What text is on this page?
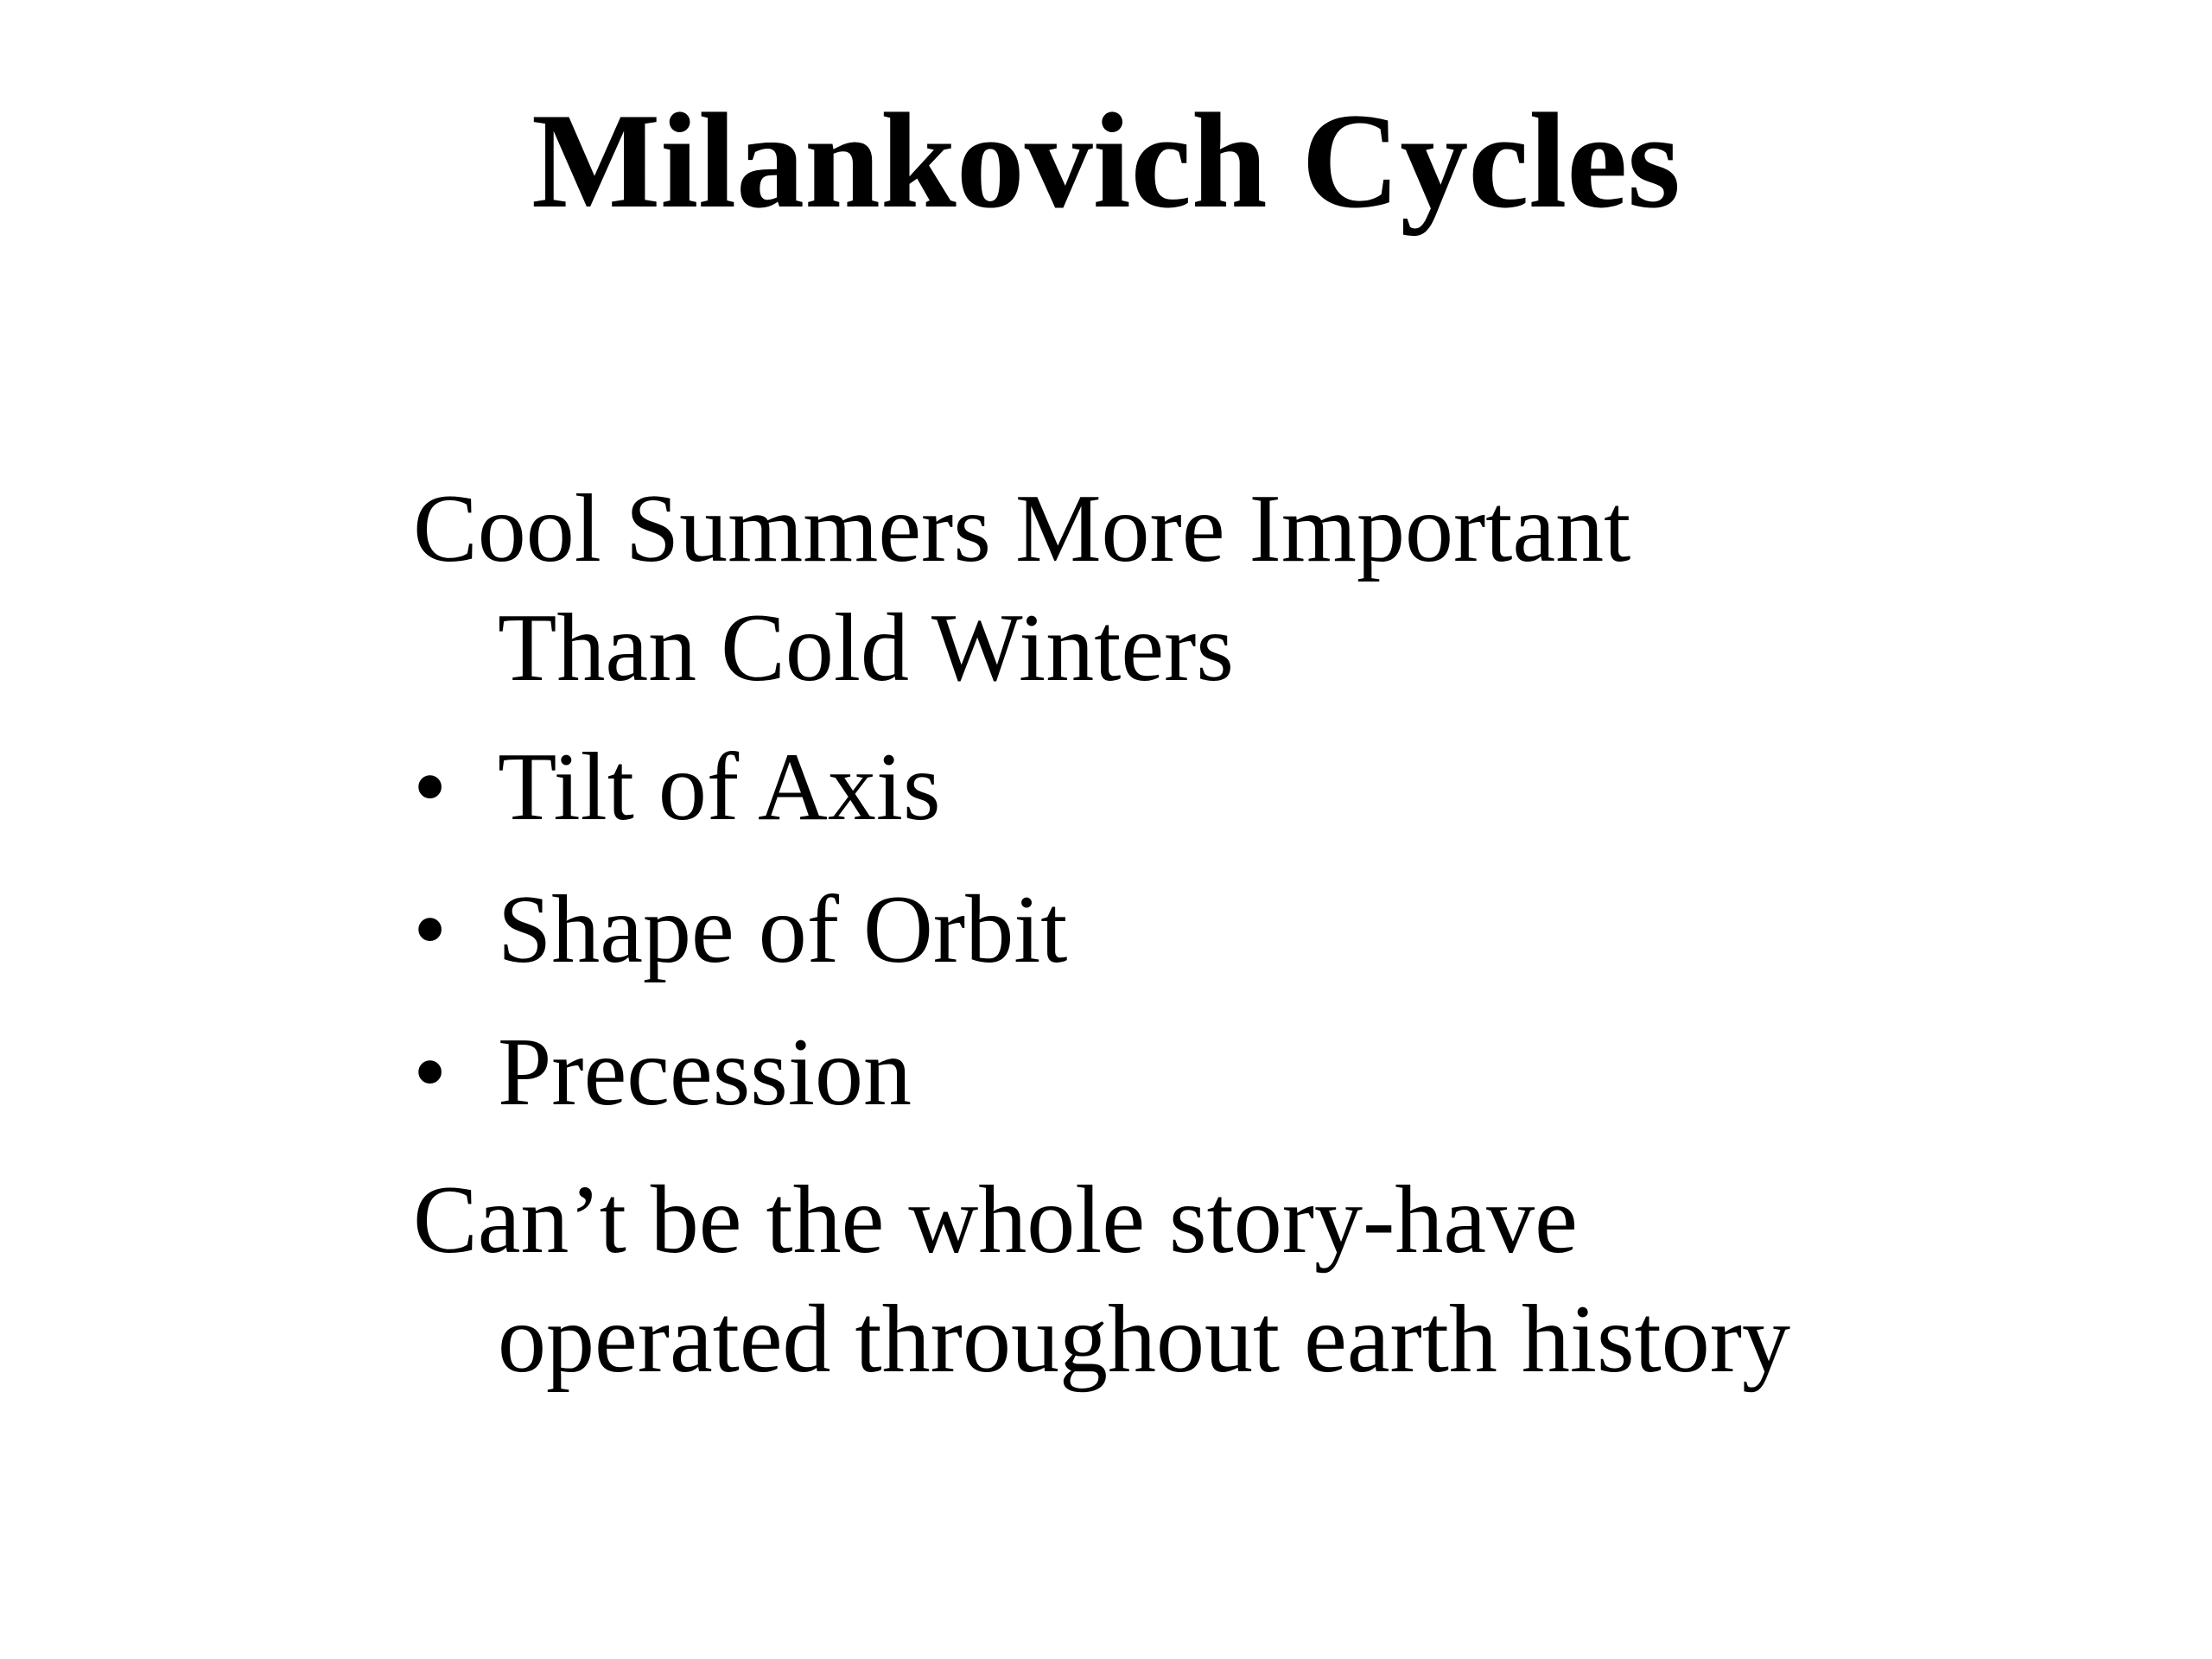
Milankovich Cycles

Cool Summers More Important
Than Cold Winters

• Tilt of Axis
• Shape of Orbit
• Precession

Can’t be the whole story-have
operated throughout earth history
